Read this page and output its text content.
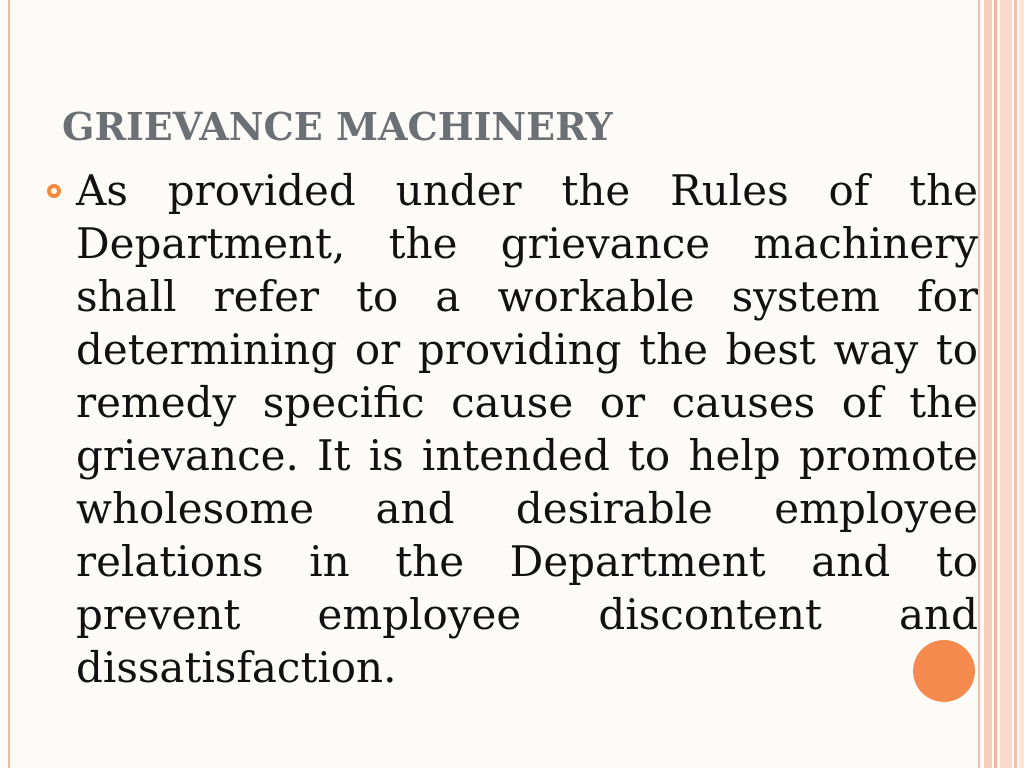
GRIEVANCE MACHINERY

As provided under the Rules of the Department, the grievance machinery shall refer to a workable system for determining or providing the best way to remedy specific cause or causes of the grievance. It is intended to help promote wholesome and desirable employee relations in the Department and to prevent employee discontent and dissatisfaction.
